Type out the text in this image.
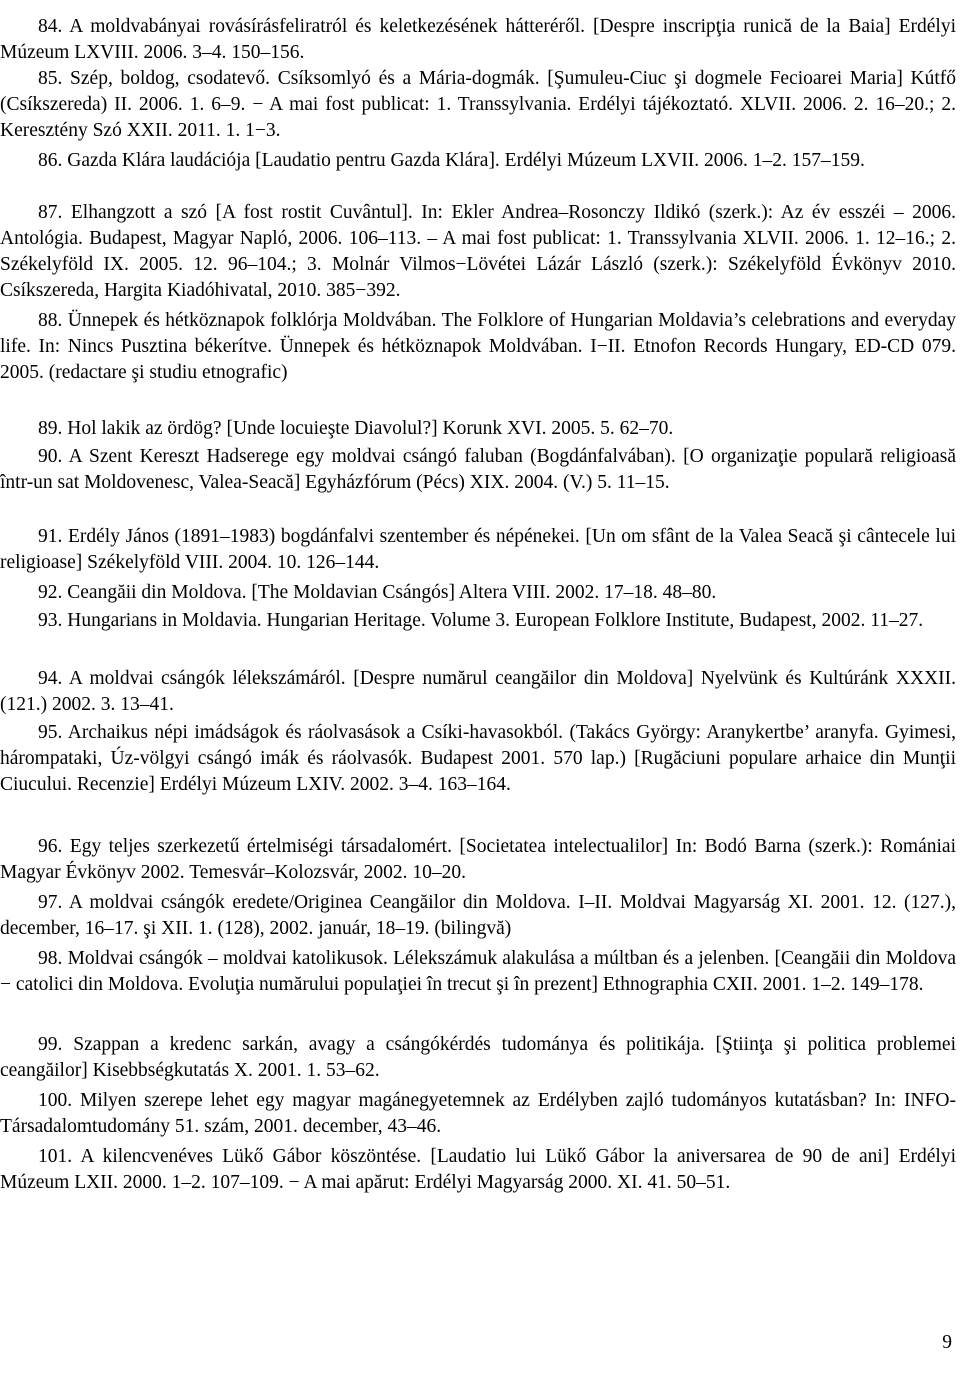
84. A moldvabányai rovásírásfeliratról és keletkezésének hátteréről. [Despre inscripţia runică de la Baia] Erdélyi Múzeum LXVIII. 2006. 3–4. 150–156.

85. Szép, boldog, csodatevő. Csíksomlyó és a Mária-dogmák. [Şumuleu-Ciuc şi dogmele Fecioarei Maria] Kútfő (Csíkszereda) II. 2006. 1. 6–9. − A mai fost publicat: 1. Transsylvania. Erdélyi tájékoztató. XLVII. 2006. 2. 16–20.; 2. Keresztény Szó XXII. 2011. 1. 1−3.

86. Gazda Klára laudációja [Laudatio pentru Gazda Klára]. Erdélyi Múzeum LXVII. 2006. 1–2. 157–159.

87. Elhangzott a szó [A fost rostit Cuvântul]. In: Ekler Andrea–Rosonczy Ildikó (szerk.): Az év esszéi – 2006. Antológia. Budapest, Magyar Napló, 2006. 106–113. – A mai fost publicat: 1. Transsylvania XLVII. 2006. 1. 12–16.; 2. Székelyföld IX. 2005. 12. 96–104.; 3. Molnár Vilmos−Lövétei Lázár László (szerk.): Székelyföld Évkönyv 2010. Csíkszereda, Hargita Kiadóhivatal, 2010. 385−392.

88. Ünnepek és hétköznapok folklórja Moldvában. The Folklore of Hungarian Moldavia’s celebrations and everyday life. In: Nincs Pusztina békerítve. Ünnepek és hétköznapok Moldvában. I−II. Etnofon Records Hungary, ED-CD 079. 2005. (redactare şi studiu etnografic)

89. Hol lakik az ördög? [Unde locuieşte Diavolul?] Korunk XVI. 2005. 5. 62–70.

90. A Szent Kereszt Hadserege egy moldvai csángó faluban (Bogdánfalvában). [O organizaţie populară religioasă într-un sat Moldovenesc, Valea-Seacă] Egyházfórum (Pécs) XIX. 2004. (V.) 5. 11–15.

91. Erdély János (1891–1983) bogdánfalvi szentember és népénekei. [Un om sfânt de la Valea Seacă şi cântecele lui religioase] Székelyföld VIII. 2004. 10. 126–144.

92. Ceangăii din Moldova. [The Moldavian Csángós] Altera VIII. 2002. 17–18. 48–80.

93. Hungarians in Moldavia. Hungarian Heritage. Volume 3. European Folklore Institute, Budapest, 2002. 11–27.

94. A moldvai csángók lélekszámáról. [Despre numărul ceangăilor din Moldova] Nyelvünk és Kultúránk XXXII. (121.) 2002. 3. 13–41.

95. Archaikus népi imádságok és ráolvasások a Csíki-havasokból. (Takács György: Aranykertbe’ aranyfa. Gyimesi, hárompataki, Úz-völgyi csángó imák és ráolvasók. Budapest 2001. 570 lap.) [Rugăciuni populare arhaice din Munţii Ciucului. Recenzie] Erdélyi Múzeum LXIV. 2002. 3–4. 163–164.

96. Egy teljes szerkezetű értelmiségi társadalomért. [Societatea intelectualilor] In: Bodó Barna (szerk.): Romániai Magyar Évkönyv 2002. Temesvár–Kolozsvár, 2002. 10–20.

97. A moldvai csángók eredete/Originea Ceangăilor din Moldova. I–II. Moldvai Magyarság XI. 2001. 12. (127.), december, 16–17. şi XII. 1. (128), 2002. január, 18–19. (bilingvă)

98. Moldvai csángók – moldvai katolikusok. Lélekszámuk alakulása a múltban és a jelenben. [Ceangăii din Moldova − catolici din Moldova. Evoluţia numărului populaţiei în trecut şi în prezent] Ethnographia CXII. 2001. 1–2. 149–178.

99. Szappan a kredenc sarkán, avagy a csángókérdés tudománya és politikája. [Ştiinţa şi politica problemei ceangăilor] Kisebbségkutatás X. 2001. 1. 53–62.

100. Milyen szerepe lehet egy magyar magánegyetemnek az Erdélyben zajló tudományos kutatásban? In: INFO-Társadalomtudomány 51. szám, 2001. december, 43–46.

101. A kilencvenéves Lükő Gábor köszöntése. [Laudatio lui Lükő Gábor la aniversarea de 90 de ani] Erdélyi Múzeum LXII. 2000. 1–2. 107–109. − A mai apărut: Erdélyi Magyarság 2000. XI. 41. 50–51.

9
